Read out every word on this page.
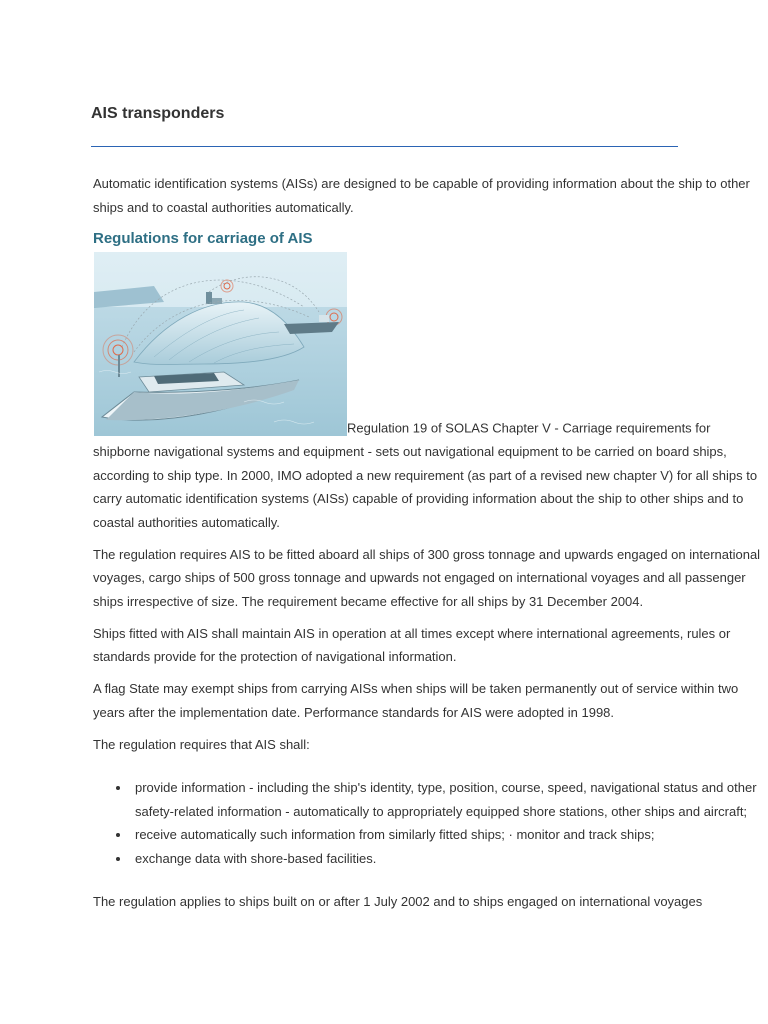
AIS transponders

Automatic identification systems (AISs) are designed to be capable of providing information about the ship to other ships and to coastal authorities automatically.

Regulations for carriage of AIS

Regulation 19 of SOLAS Chapter V - Carriage requirements for shipborne navigational systems and equipment - sets out navigational equipment to be carried on board ships, according to ship type. In 2000, IMO adopted a new requirement (as part of a revised new chapter V) for all ships to carry automatic identification systems (AISs) capable of providing information about the ship to other ships and to coastal authorities automatically.

The regulation requires AIS to be fitted aboard all ships of 300 gross tonnage and upwards engaged on international voyages, cargo ships of 500 gross tonnage and upwards not engaged on international voyages and all passenger ships irrespective of size. The requirement became effective for all ships by 31 December 2004.

Ships fitted with AIS shall maintain AIS in operation at all times except where international agreements, rules or standards provide for the protection of navigational information.

A flag State may exempt ships from carrying AISs when ships will be taken permanently out of service within two years after the implementation date. Performance standards for AIS were adopted in 1998.

The regulation requires that AIS shall:

provide information - including the ship's identity, type, position, course, speed, navigational status and other safety-related information - automatically to appropriately equipped shore stations, other ships and aircraft;
receive automatically such information from similarly fitted ships; · monitor and track ships;
exchange data with shore-based facilities.

The regulation applies to ships built on or after 1 July 2002 and to ships engaged on international voyages
